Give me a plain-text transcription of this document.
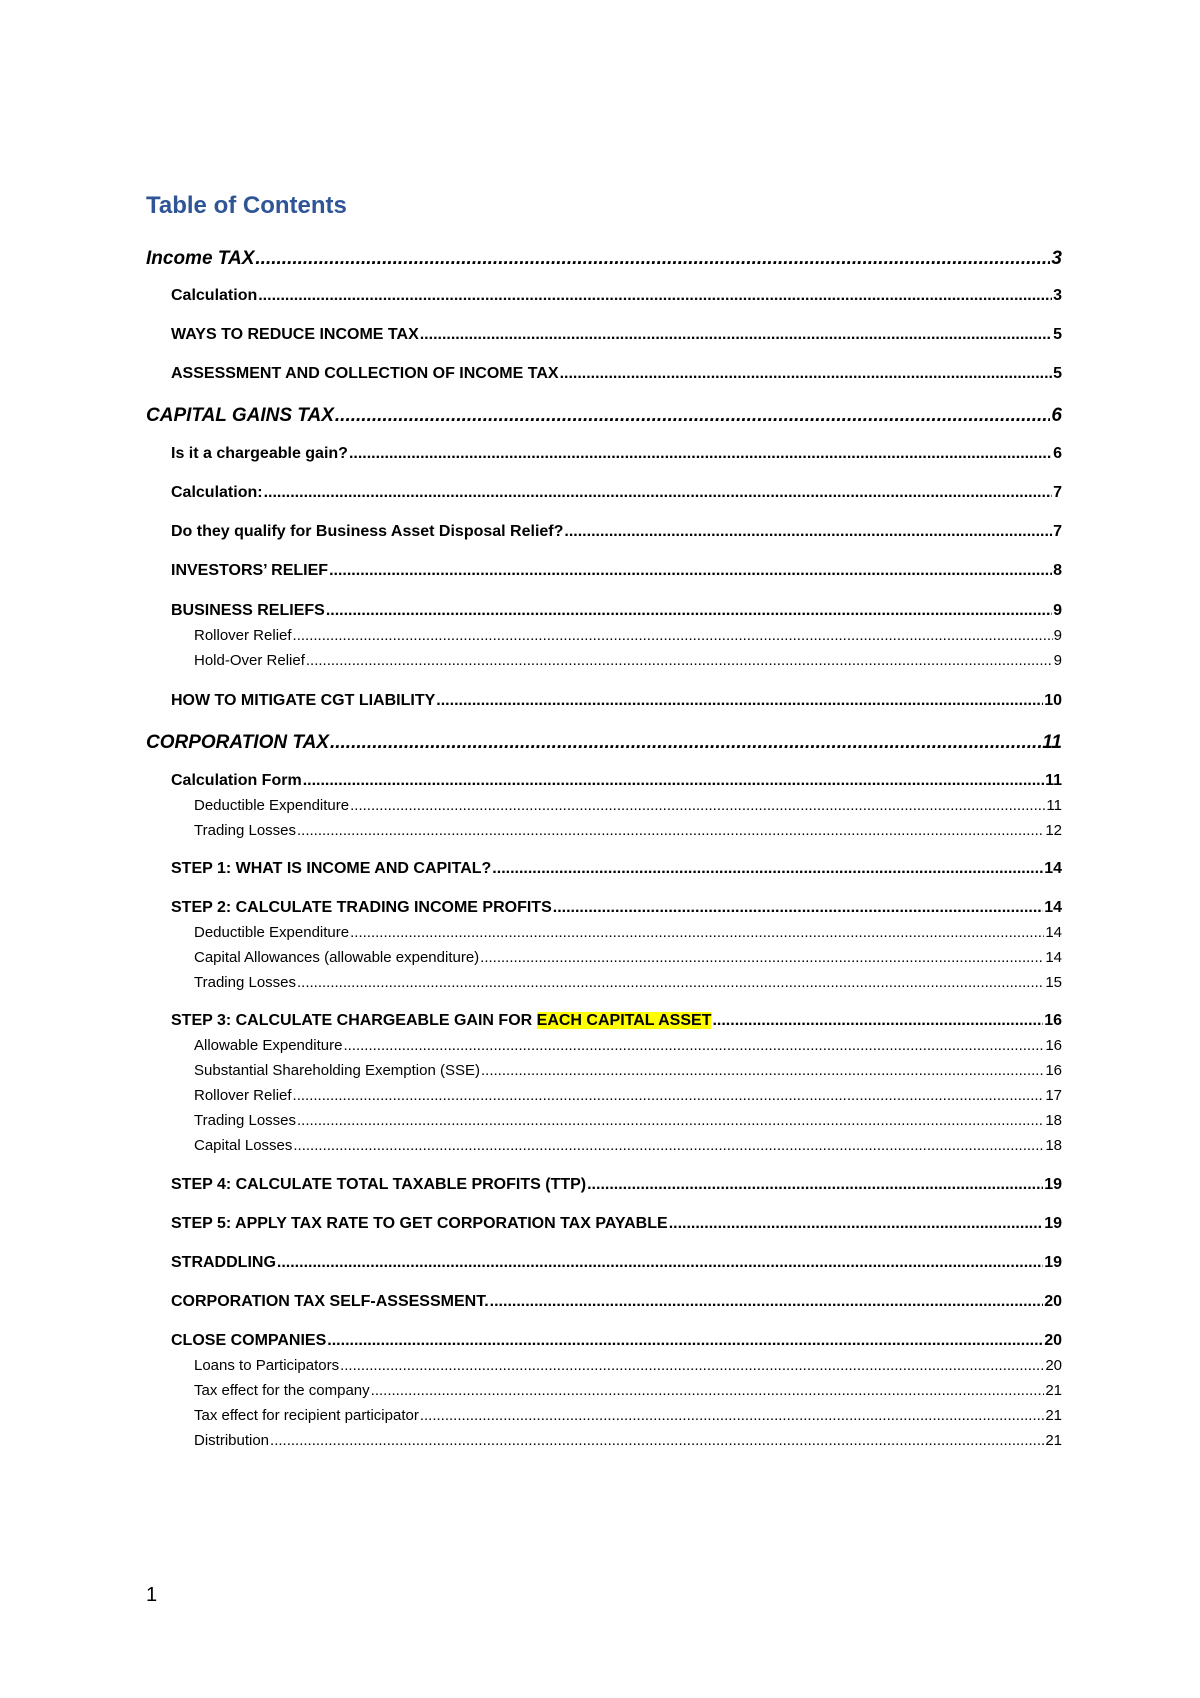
Table of Contents
Income TAX .....	3
Calculation .....	3
WAYS TO REDUCE INCOME TAX .....	5
ASSESSMENT AND COLLECTION OF INCOME TAX .....	5
CAPITAL GAINS TAX .....	6
Is it a chargeable gain? .....	6
Calculation: .....	7
Do they qualify for Business Asset Disposal Relief? .....	7
INVESTORS’ RELIEF .....	8
BUSINESS RELIEFS .....	9
Rollover Relief .....	9
Hold-Over Relief .....	9
HOW TO MITIGATE CGT LIABILITY .....	10
CORPORATION TAX .....	11
Calculation Form .....	11
Deductible Expenditure .....	11
Trading Losses .....	12
STEP 1: WHAT IS INCOME AND CAPITAL? .....	14
STEP 2: CALCULATE TRADING INCOME PROFITS .....	14
Deductible Expenditure .....	14
Capital Allowances (allowable expenditure) .....	14
Trading Losses .....	15
STEP 3: CALCULATE CHARGEABLE GAIN FOR EACH CAPITAL ASSET .....	16
Allowable Expenditure .....	16
Substantial Shareholding Exemption (SSE) .....	16
Rollover Relief .....	17
Trading Losses .....	18
Capital Losses .....	18
STEP 4: CALCULATE TOTAL TAXABLE PROFITS (TTP) .....	19
STEP 5: APPLY TAX RATE TO GET CORPORATION TAX PAYABLE .....	19
STRADDLING .....	19
CORPORATION TAX SELF-ASSESSMENT. .....	20
CLOSE COMPANIES .....	20
Loans to Participators .....	20
Tax effect for the company .....	21
Tax effect for recipient participator .....	21
Distribution .....	21
1
